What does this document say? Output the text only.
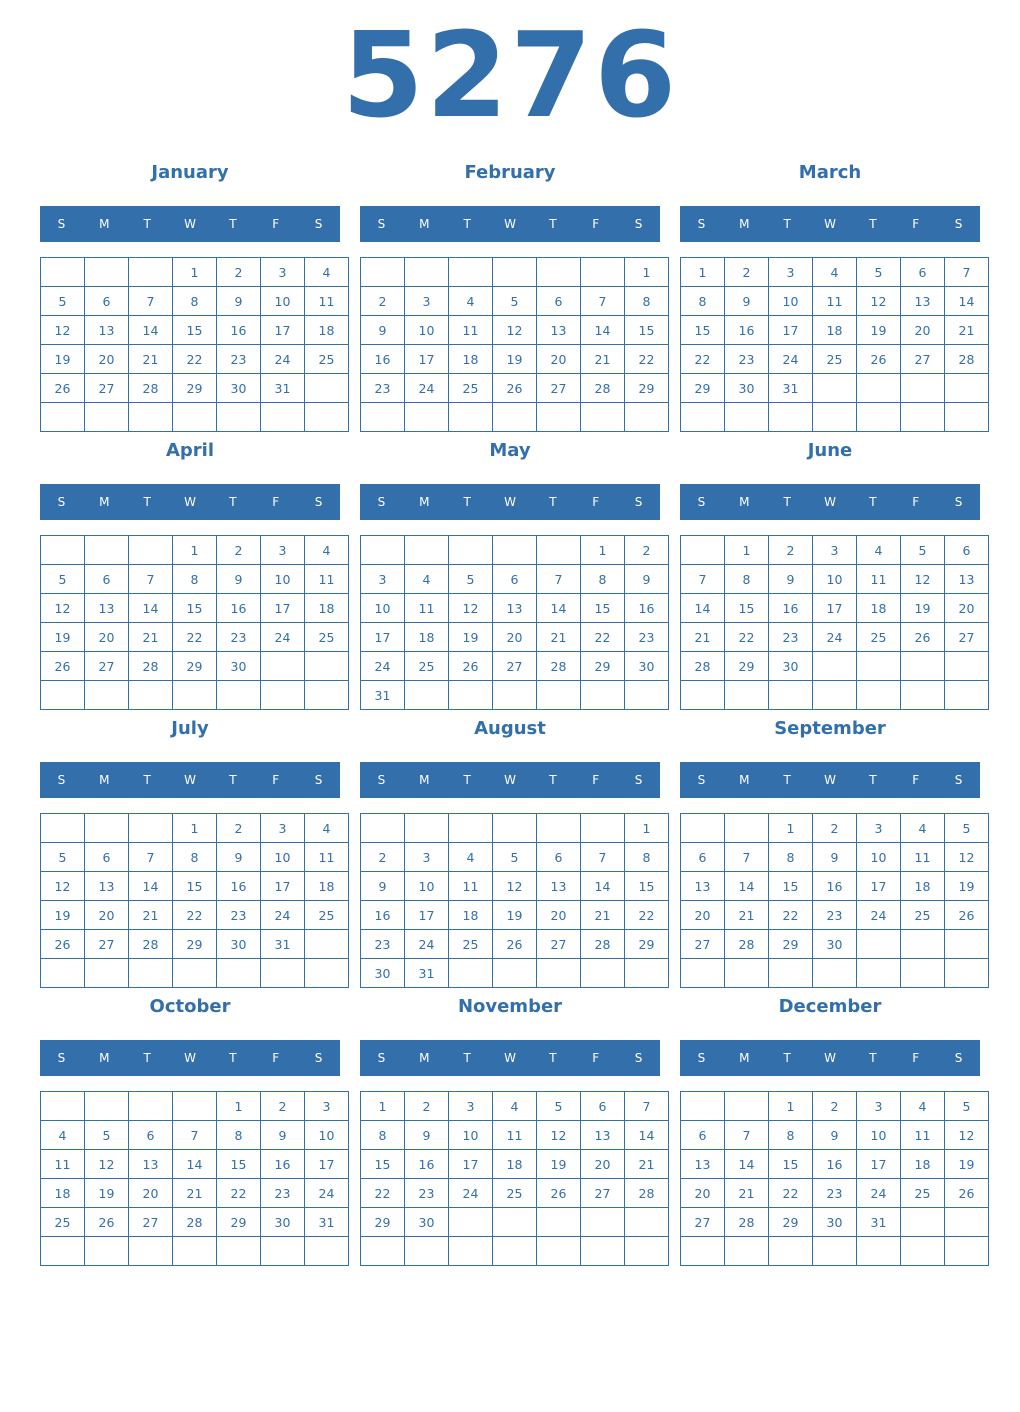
5276
January
S	M	T	W	T	F	S
			1	2	3	4
5	6	7	8	9	10	11
12	13	14	15	16	17	18
19	20	21	22	23	24	25
26	27	28	29	30	31	

February
S	M	T	W	T	F	S
						1
2	3	4	5	6	7	8
9	10	11	12	13	14	15
16	17	18	19	20	21	22
23	24	25	26	27	28	29

March
S	M	T	W	T	F	S
1	2	3	4	5	6	7
8	9	10	11	12	13	14
15	16	17	18	19	20	21
22	23	24	25	26	27	28
29	30	31				

April
S	M	T	W	T	F	S
			1	2	3	4
5	6	7	8	9	10	11
12	13	14	15	16	17	18
19	20	21	22	23	24	25
26	27	28	29	30		

May
S	M	T	W	T	F	S
					1	2
3	4	5	6	7	8	9
10	11	12	13	14	15	16
17	18	19	20	21	22	23
24	25	26	27	28	29	30
31						
June
S	M	T	W	T	F	S
	1	2	3	4	5	6
7	8	9	10	11	12	13
14	15	16	17	18	19	20
21	22	23	24	25	26	27
28	29	30				

July
S	M	T	W	T	F	S
			1	2	3	4
5	6	7	8	9	10	11
12	13	14	15	16	17	18
19	20	21	22	23	24	25
26	27	28	29	30	31	

August
S	M	T	W	T	F	S
						1
2	3	4	5	6	7	8
9	10	11	12	13	14	15
16	17	18	19	20	21	22
23	24	25	26	27	28	29
30	31					
September
S	M	T	W	T	F	S
		1	2	3	4	5
6	7	8	9	10	11	12
13	14	15	16	17	18	19
20	21	22	23	24	25	26
27	28	29	30			

October
S	M	T	W	T	F	S
				1	2	3
4	5	6	7	8	9	10
11	12	13	14	15	16	17
18	19	20	21	22	23	24
25	26	27	28	29	30	31

November
S	M	T	W	T	F	S
1	2	3	4	5	6	7
8	9	10	11	12	13	14
15	16	17	18	19	20	21
22	23	24	25	26	27	28
29	30					

December
S	M	T	W	T	F	S
		1	2	3	4	5
6	7	8	9	10	11	12
13	14	15	16	17	18	19
20	21	22	23	24	25	26
27	28	29	30	31		
